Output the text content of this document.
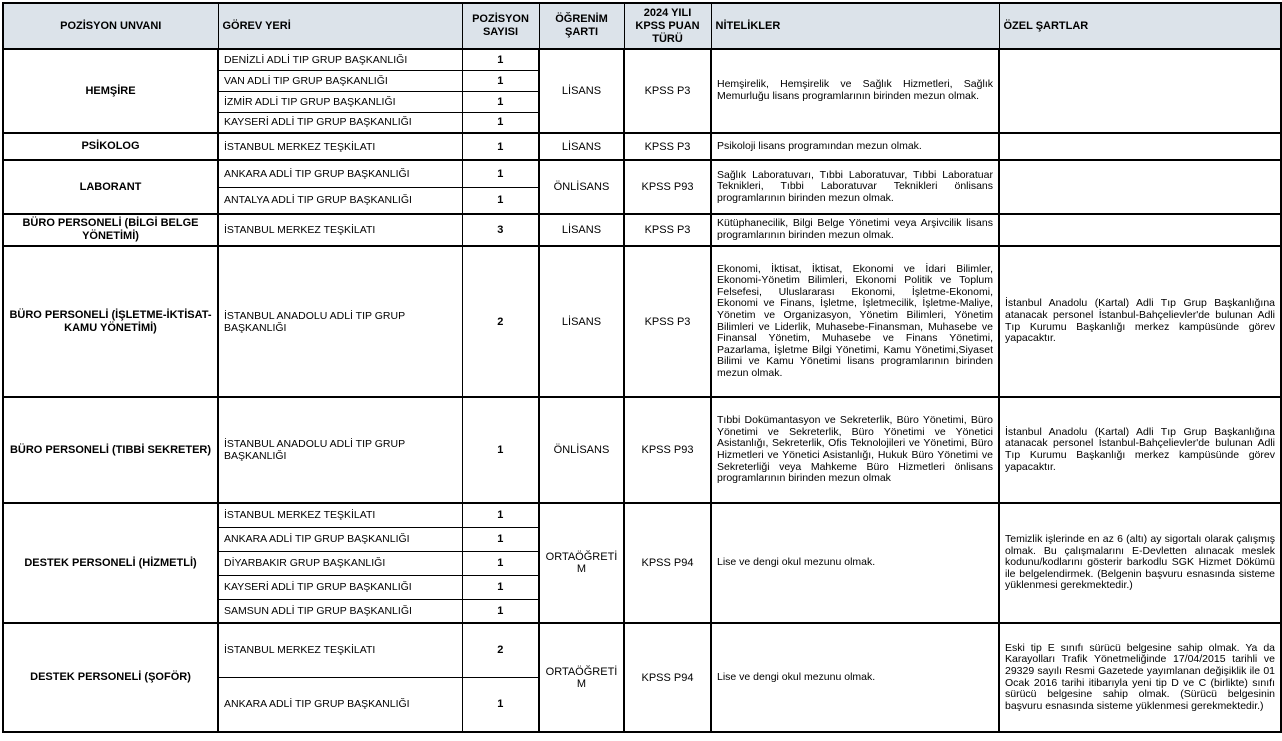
POZİSYON UNVANI	GÖREV YERİ	POZİSYON SAYISI	ÖĞRENİM ŞARTI	2024 YILI KPSS PUAN TÜRÜ	NİTELİKLER	ÖZEL ŞARTLAR
HEMŞİRE	DENİZLİ ADLİ TIP GRUP BAŞKANLIĞI	1	LİSANS	KPSS P3	Hemşirelik, Hemşirelik ve Sağlık Hizmetleri, Sağlık Memurluğu lisans programlarının birinden mezun olmak.	
	VAN ADLİ TIP GRUP BAŞKANLIĞI	1				
	İZMİR ADLİ TIP GRUP BAŞKANLIĞI	1				
	KAYSERİ ADLİ TIP GRUP BAŞKANLIĞI	1				
PSİKOLOG	İSTANBUL MERKEZ TEŞKİLATI	1	LİSANS	KPSS P3	Psikoloji lisans programından mezun olmak.	
LABORANT	ANKARA ADLİ TIP GRUP BAŞKANLIĞI	1	ÖNLİSANS	KPSS P93	Sağlık Laboratuvarı, Tıbbi Laboratuvar, Tıbbi Laboratuar Teknikleri, Tıbbi Laboratuvar Teknikleri önlisans programlarının birinden mezun olmak.	
	ANTALYA ADLİ TIP GRUP BAŞKANLIĞI	1				
BÜRO PERSONELİ (BİLGİ BELGE YÖNETİMİ)	İSTANBUL MERKEZ TEŞKİLATI	3	LİSANS	KPSS P3	Kütüphanecilik, Bilgi Belge Yönetimi veya Arşivcilik lisans programlarının birinden mezun olmak.	
BÜRO PERSONELİ (İŞLETME-İKTİSAT-KAMU YÖNETİMİ)	İSTANBUL ANADOLU ADLİ TIP GRUP BAŞKANLIĞI	2	LİSANS	KPSS P3	Ekonomi, İktisat, İktisat, Ekonomi ve İdari Bilimler, Ekonomi-Yönetim Bilimleri, Ekonomi Politik ve Toplum Felsefesi, Uluslararası Ekonomi, İşletme-Ekonomi, Ekonomi ve Finans, İşletme, İşletmecilik, İşletme-Maliye, Yönetim ve Organizasyon, Yönetim Bilimleri, Yönetim Bilimleri ve Liderlik, Muhasebe-Finansman, Muhasebe ve Finansal Yönetim, Muhasebe ve Finans Yönetimi, Pazarlama, İşletme Bilgi Yönetimi, Kamu Yönetimi,Siyaset Bilimi ve Kamu Yönetimi lisans programlarının birinden mezun olmak.	İstanbul Anadolu (Kartal) Adli Tıp Grup Başkanlığına atanacak personel İstanbul-Bahçelievler'de bulunan Adli Tıp Kurumu Başkanlığı merkez kampüsünde görev yapacaktır.
BÜRO PERSONELİ (TIBBİ SEKRETER)	İSTANBUL ANADOLU ADLİ TIP GRUP BAŞKANLIĞI	1	ÖNLİSANS	KPSS P93	Tıbbi Dokümantasyon ve Sekreterlik, Büro Yönetimi, Büro Yönetimi ve Sekreterlik, Büro Yönetimi ve Yönetici Asistanlığı, Sekreterlik, Ofis Teknolojileri ve Yönetimi, Büro Hizmetleri ve Yönetici Asistanlığı, Hukuk Büro Yönetimi ve Sekreterliği veya Mahkeme Büro Hizmetleri önlisans programlarının birinden mezun olmak	İstanbul Anadolu (Kartal) Adli Tıp Grup Başkanlığına atanacak personel İstanbul-Bahçelievler'de bulunan Adli Tıp Kurumu Başkanlığı merkez kampüsünde görev yapacaktır.
DESTEK PERSONELİ (HİZMETLİ)	İSTANBUL MERKEZ TEŞKİLATI	1	ORTAÖĞRETİM	KPSS P94	Lise ve dengi okul mezunu olmak.	Temizlik işlerinde en az 6 (altı) ay sigortalı olarak çalışmış olmak. Bu çalışmalarını E-Devletten alınacak meslek kodunu/kodlarını gösterir barkodlu SGK Hizmet Dökümü ile belgelendirmek. (Belgenin başvuru esnasında sisteme yüklenmesi gerekmektedir.)
	ANKARA ADLİ TIP GRUP BAŞKANLIĞI	1				
	DİYARBAKIR GRUP BAŞKANLIĞI	1				
	KAYSERİ ADLİ TIP GRUP BAŞKANLIĞI	1				
	SAMSUN ADLİ TIP GRUP BAŞKANLIĞI	1				
DESTEK PERSONELİ (ŞOFÖR)	İSTANBUL MERKEZ TEŞKİLATI	2	ORTAÖĞRETİM	KPSS P94	Lise ve dengi okul mezunu olmak.	Eski tip E sınıfı sürücü belgesine sahip olmak. Ya da Karayolları Trafik Yönetmeliğinde 17/04/2015 tarihli ve 29329 sayılı Resmi Gazetede yayımlanan değişiklik ile 01 Ocak 2016 tarihi itibarıyla yeni tip D ve C (birlikte) sınıfı sürücü belgesine sahip olmak. (Sürücü belgesinin başvuru esnasında sisteme yüklenmesi gerekmektedir.)
	ANKARA ADLİ TIP GRUP BAŞKANLIĞI	1				
